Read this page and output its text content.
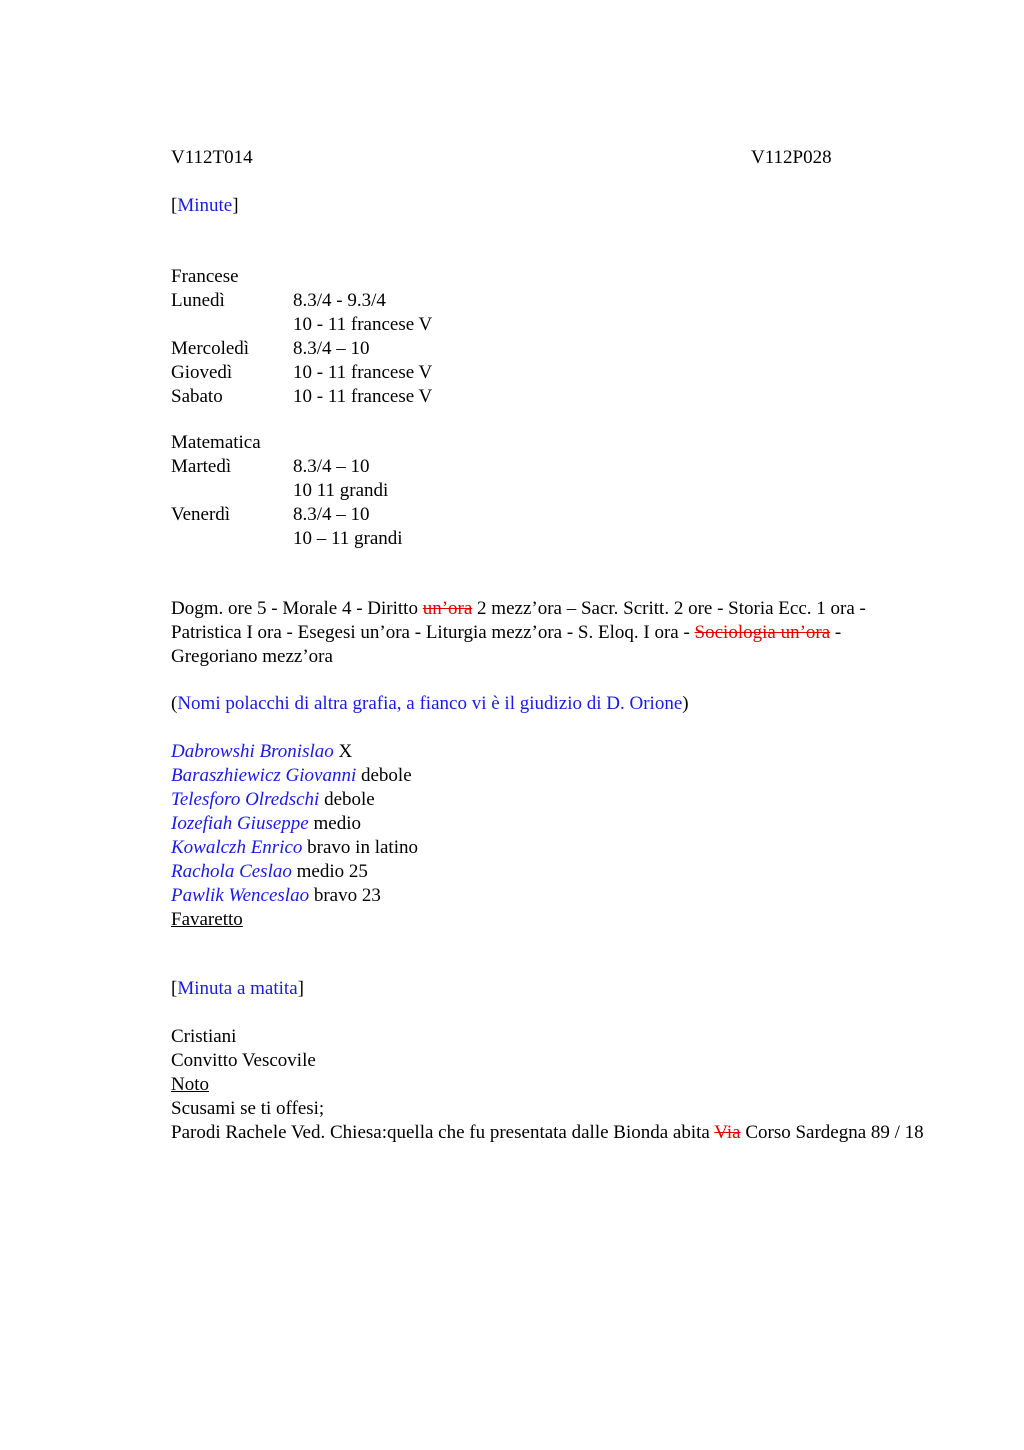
V112T014	V112P028
[Minute]
Francese
Lunedì	8.3/4 - 9.3/4
10 - 11 francese V
Mercoledì	8.3/4 – 10
Giovedì	10 - 11 francese V
Sabato	10 - 11 francese V
Matematica
Martedì	8.3/4 – 10
10 11 grandi
Venerdì	8.3/4 – 10
10 – 11 grandi
Dogm. ore 5 - Morale 4 - Diritto un’ora 2 mezz’ora – Sacr. Scritt. 2 ore - Storia Ecc. 1 ora - Patristica I ora - Esegesi un’ora - Liturgia mezz’ora - S. Eloq. I ora - Sociologia un’ora - Gregoriano mezz’ora
(Nomi polacchi di altra grafia, a fianco vi è il giudizio di D. Orione)
Dabrowshi Bronislao X
Baraszhiewicz Giovanni debole
Telesforo Olredschi debole
Iozefiah Giuseppe medio
Kowalczh Enrico bravo in latino
Rachola Ceslao medio 25
Pawlik Wenceslao bravo 23
Favaretto
[Minuta a matita]
Cristiani
Convitto Vescovile
Noto
Scusami se ti offesi;
Parodi Rachele Ved. Chiesa:quella che fu presentata dalle Bionda abita Via Corso Sardegna 89 / 18
